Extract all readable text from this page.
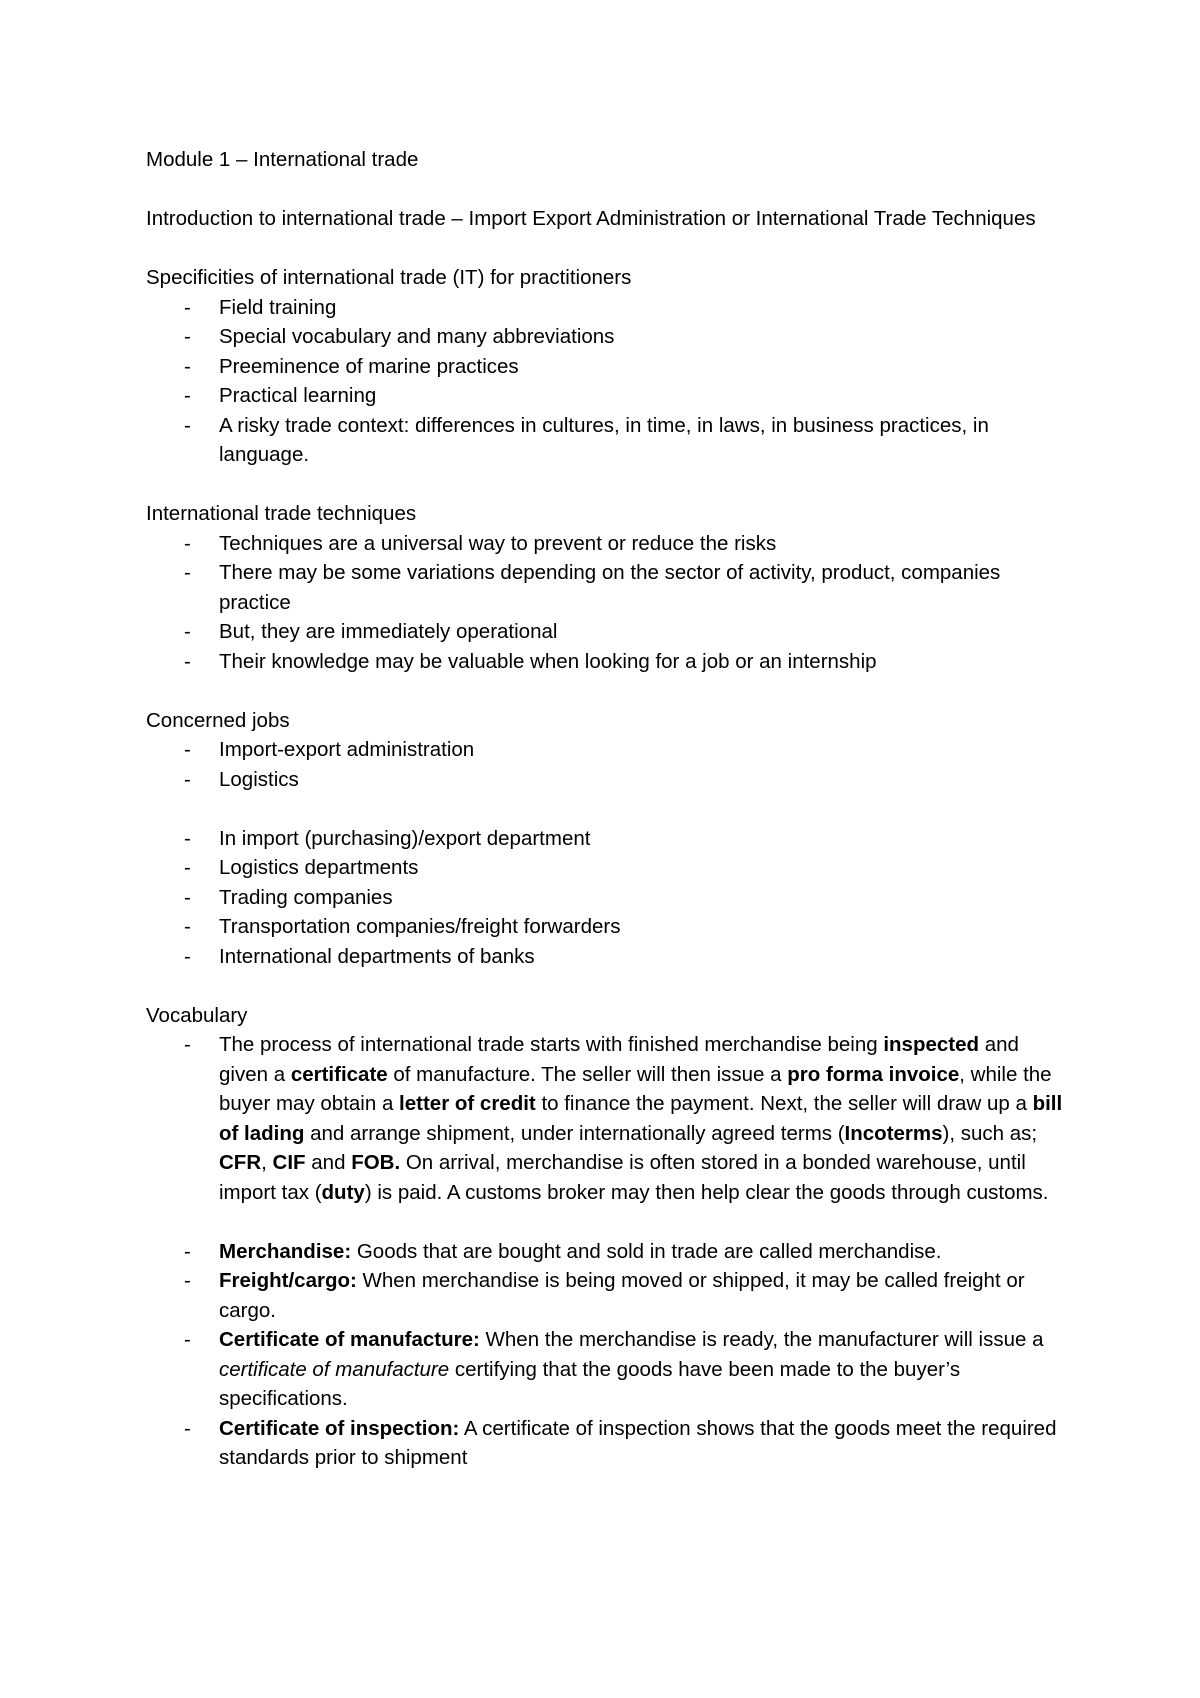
Module 1 – International trade

Introduction to international trade – Import Export Administration or International Trade Techniques

Specificities of international trade (IT) for practitioners

- Field training
- Special vocabulary and many abbreviations
- Preeminence of marine practices
- Practical learning
- A risky trade context: differences in cultures, in time, in laws, in business practices, in language.

International trade techniques

- Techniques are a universal way to prevent or reduce the risks
- There may be some variations depending on the sector of activity, product, companies practice
- But, they are immediately operational
- Their knowledge may be valuable when looking for a job or an internship

Concerned jobs

- Import-export administration
- Logistics
- In import (purchasing)/export department
- Logistics departments
- Trading companies
- Transportation companies/freight forwarders
- International departments of banks

Vocabulary

- The process of international trade starts with finished merchandise being inspected and given a certificate of manufacture. The seller will then issue a pro forma invoice, while the buyer may obtain a letter of credit to finance the payment. Next, the seller will draw up a bill of lading and arrange shipment, under internationally agreed terms (Incoterms), such as; CFR, CIF and FOB. On arrival, merchandise is often stored in a bonded warehouse, until import tax (duty) is paid. A customs broker may then help clear the goods through customs.
- Merchandise: Goods that are bought and sold in trade are called merchandise.
- Freight/cargo: When merchandise is being moved or shipped, it may be called freight or cargo.
- Certificate of manufacture: When the merchandise is ready, the manufacturer will issue a certificate of manufacture certifying that the goods have been made to the buyer’s specifications.
- Certificate of inspection: A certificate of inspection shows that the goods meet the required standards prior to shipment
